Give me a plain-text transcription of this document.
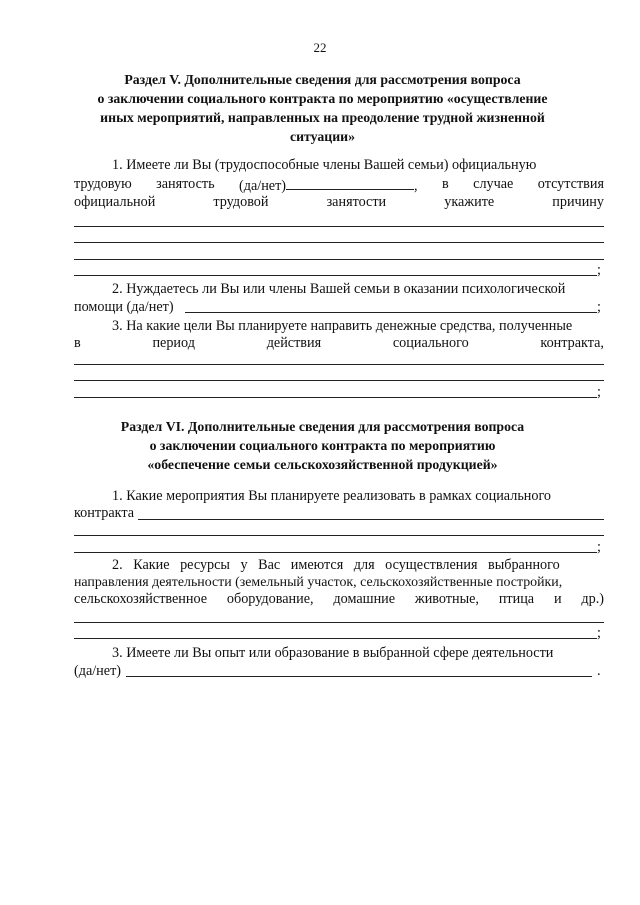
22
Раздел V. Дополнительные сведения для рассмотрения вопроса
о заключении социального контракта по мероприятию «осуществление
иных мероприятий, направленных на преодоление трудной жизненной
ситуации»
1. Имеете ли Вы (трудоспособные члены Вашей семьи) официальную
трудовую занятость (да/нет)	, в случае отсутствия
официальной	трудовой	занятости	укажите	причину
;
2. Нуждаетесь ли Вы или члены Вашей семьи в оказании психологической
помощи (да/нет)	;
3. На какие цели Вы планируете направить денежные средства, полученные
в	период	действия	социального	контракта,
;
Раздел VI. Дополнительные сведения для рассмотрения вопроса
о заключении социального контракта по мероприятию
«обеспечение семьи сельскохозяйственной продукцией»
1. Какие мероприятия Вы планируете реализовать в рамках социального
контракта
;
2. Какие ресурсы у Вас имеются для осуществления выбранного
направления деятельности (земельный участок, сельскохозяйственные постройки,
сельскохозяйственное оборудование, домашние животные, птица и др.)
;
3. Имеете ли Вы опыт или образование в выбранной сфере деятельности
(да/нет)	.
